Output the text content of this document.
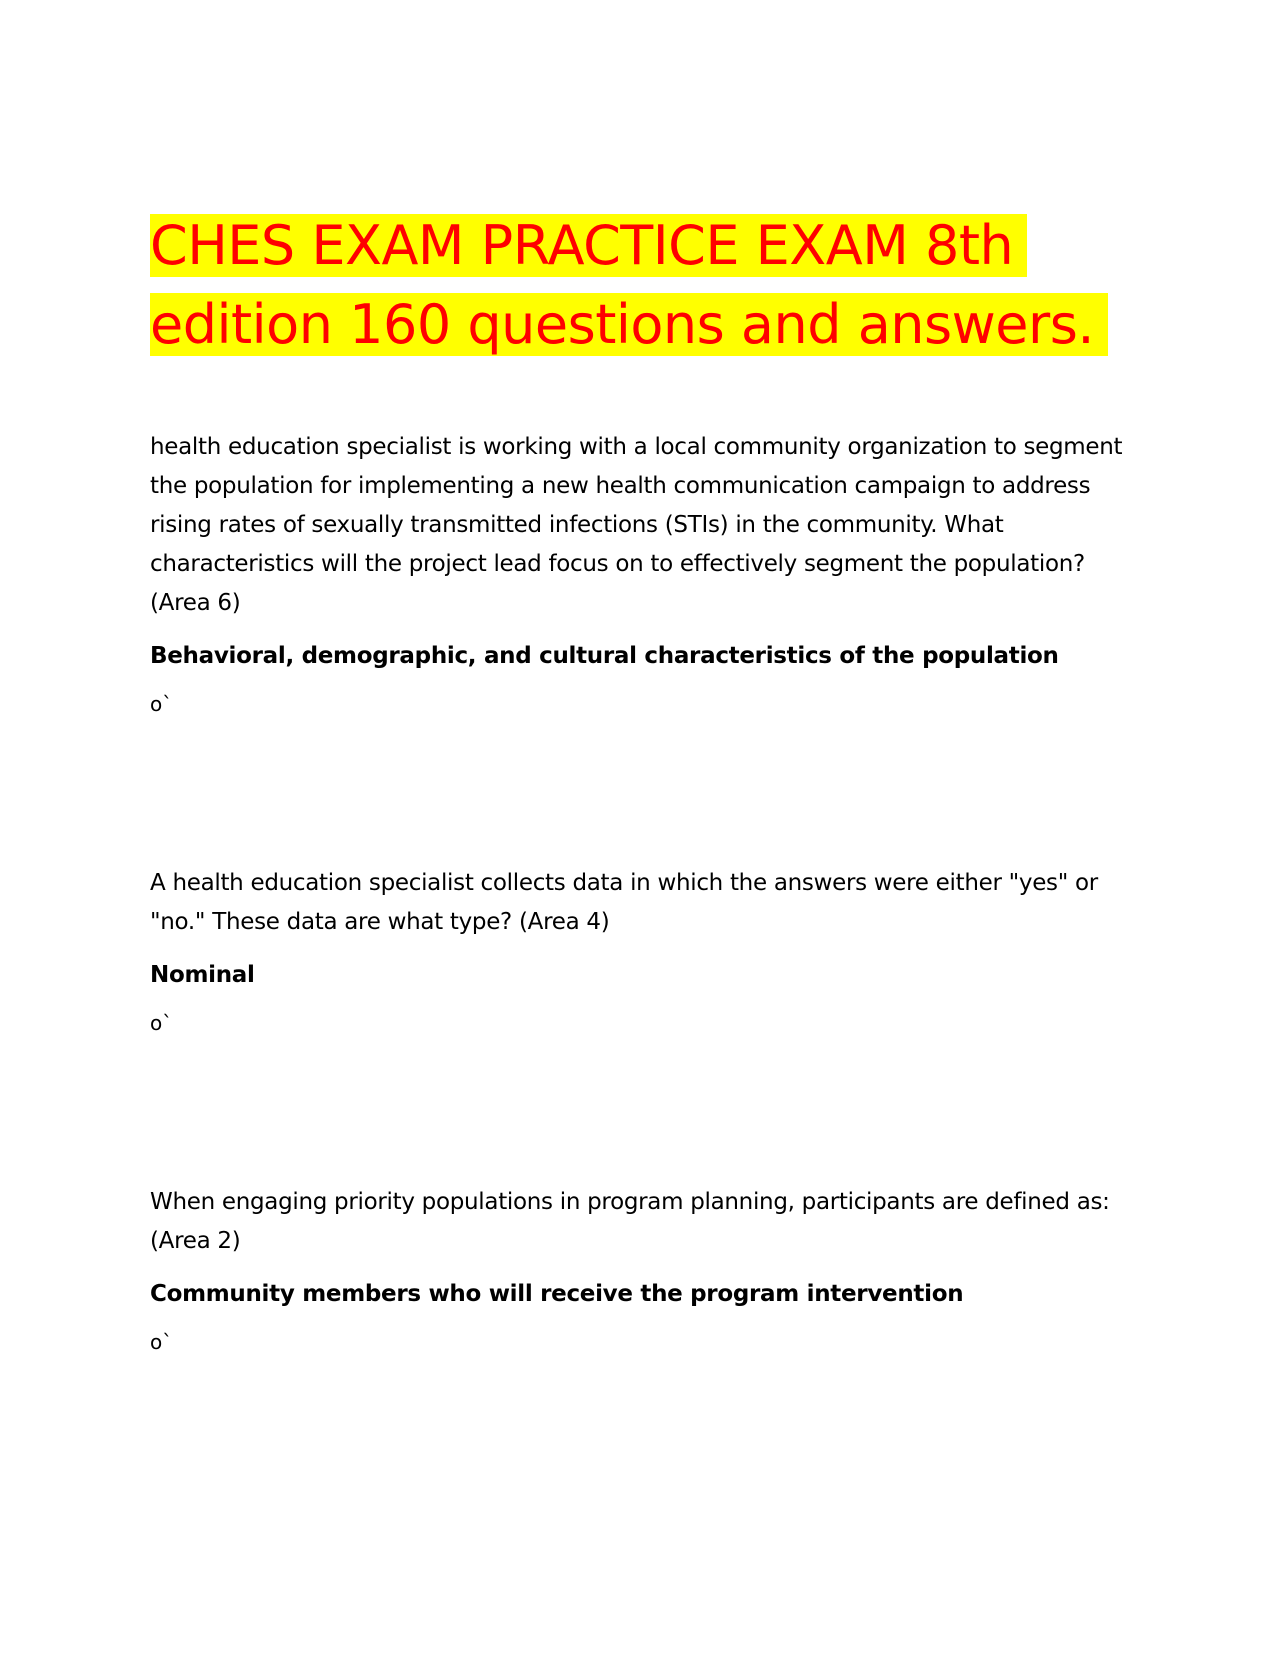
CHES EXAM PRACTICE EXAM 8th
edition 160 questions and answers.

health education specialist is working with a local community organization to segment the population for implementing a new health communication campaign to address rising rates of sexually transmitted infections (STIs) in the community. What characteristics will the project lead focus on to effectively segment the population? (Area 6)

Behavioral, demographic, and cultural characteristics of the population

o`

A health education specialist collects data in which the answers were either "yes" or "no." These data are what type? (Area 4)

Nominal

o`

When engaging priority populations in program planning, participants are defined as: (Area 2)

Community members who will receive the program intervention

o`
